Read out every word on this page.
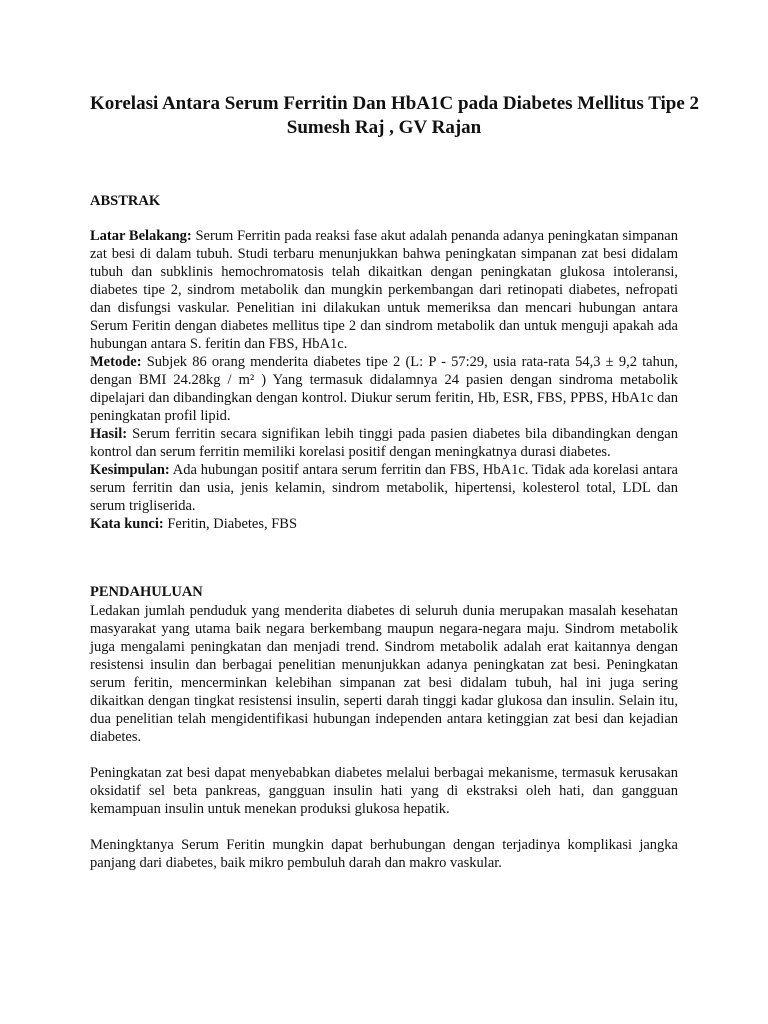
Korelasi Antara Serum Ferritin Dan HbA1C pada Diabetes Mellitus Tipe 2
Sumesh Raj , GV Rajan

ABSTRAK

Latar Belakang: Serum Ferritin pada reaksi fase akut adalah penanda adanya peningkatan simpanan zat besi di dalam tubuh. Studi terbaru menunjukkan bahwa peningkatan simpanan zat besi didalam tubuh dan subklinis hemochromatosis telah dikaitkan dengan peningkatan glukosa intoleransi, diabetes tipe 2, sindrom metabolik dan mungkin perkembangan dari retinopati diabetes, nefropati dan disfungsi vaskular. Penelitian ini dilakukan untuk memeriksa dan mencari hubungan antara Serum Feritin dengan diabetes mellitus tipe 2 dan sindrom metabolik dan untuk menguji apakah ada hubungan antara S. feritin dan FBS, HbA1c.

Metode: Subjek 86 orang menderita diabetes tipe 2 (L: P - 57:29, usia rata-rata 54,3 ± 9,2 tahun, dengan BMI 24.28kg / m² ) Yang termasuk didalamnya 24 pasien dengan sindroma metabolik dipelajari dan dibandingkan dengan kontrol. Diukur serum feritin, Hb, ESR, FBS, PPBS, HbA1c dan peningkatan profil lipid.

Hasil: Serum ferritin secara signifikan lebih tinggi pada pasien diabetes bila dibandingkan dengan kontrol dan serum ferritin memiliki korelasi positif dengan meningkatnya durasi diabetes.

Kesimpulan: Ada hubungan positif antara serum ferritin dan FBS, HbA1c. Tidak ada korelasi antara serum ferritin dan usia, jenis kelamin, sindrom metabolik, hipertensi, kolesterol total, LDL dan serum trigliserida.

Kata kunci: Feritin, Diabetes, FBS

PENDAHULUAN

Ledakan jumlah penduduk yang menderita diabetes di seluruh dunia merupakan masalah kesehatan masyarakat yang utama baik negara berkembang maupun negara-negara maju. Sindrom metabolik juga mengalami peningkatan dan menjadi trend. Sindrom metabolik adalah erat kaitannya dengan resistensi insulin dan berbagai penelitian menunjukkan adanya peningkatan zat besi. Peningkatan serum feritin, mencerminkan kelebihan simpanan zat besi didalam tubuh, hal ini juga sering dikaitkan dengan tingkat resistensi insulin, seperti darah tinggi kadar glukosa dan insulin. Selain itu, dua penelitian telah mengidentifikasi hubungan independen antara ketinggian zat besi dan kejadian diabetes.

Peningkatan zat besi dapat menyebabkan diabetes melalui berbagai mekanisme, termasuk kerusakan oksidatif sel beta pankreas, gangguan insulin hati yang di ekstraksi oleh hati, dan gangguan kemampuan insulin untuk menekan produksi glukosa hepatik.

Meningktanya Serum Feritin mungkin dapat berhubungan dengan terjadinya komplikasi jangka panjang dari diabetes, baik mikro pembuluh darah dan makro vaskular.
